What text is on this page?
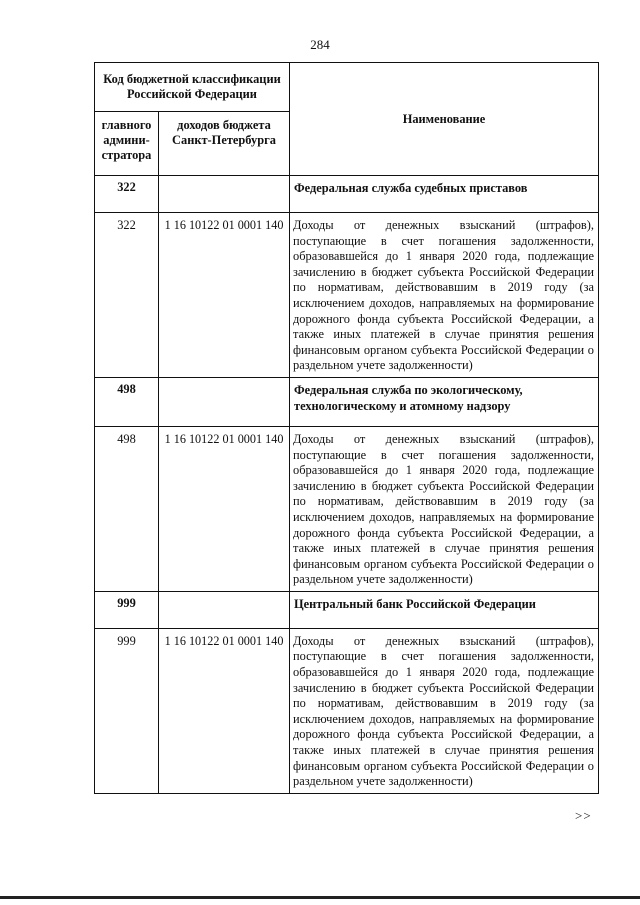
284
Код бюджетной классификации Российской Федерации		Наименование
главного админи-стратора	доходов бюджета Санкт-Петербурга	
322		Федеральная служба судебных приставов
322	1 16 10122 01 0001 140	Доходы от денежных взысканий (штрафов), поступающие в счет погашения задолженности, образовавшейся до 1 января 2020 года, подлежащие зачислению в бюджет субъекта Российской Федерации по нормативам, действовавшим в 2019 году (за исключением доходов, направляемых на формирование дорожного фонда субъекта Российской Федерации, а также иных платежей в случае принятия решения финансовым органом субъекта Российской Федерации о раздельном учете задолженности)
498		Федеральная служба по экологическому, технологическому и атомному надзору
498	1 16 10122 01 0001 140	Доходы от денежных взысканий (штрафов), поступающие в счет погашения задолженности, образовавшейся до 1 января 2020 года, подлежащие зачислению в бюджет субъекта Российской Федерации по нормативам, действовавшим в 2019 году (за исключением доходов, направляемых на формирование дорожного фонда субъекта Российской Федерации, а также иных платежей в случае принятия решения финансовым органом субъекта Российской Федерации о раздельном учете задолженности)
999		Центральный банк Российской Федерации
999	1 16 10122 01 0001 140	Доходы от денежных взысканий (штрафов), поступающие в счет погашения задолженности, образовавшейся до 1 января 2020 года, подлежащие зачислению в бюджет субъекта Российской Федерации по нормативам, действовавшим в 2019 году (за исключением доходов, направляемых на формирование дорожного фонда субъекта Российской Федерации, а также иных платежей в случае принятия решения финансовым органом субъекта Российской Федерации о раздельном учете задолженности)
>>
